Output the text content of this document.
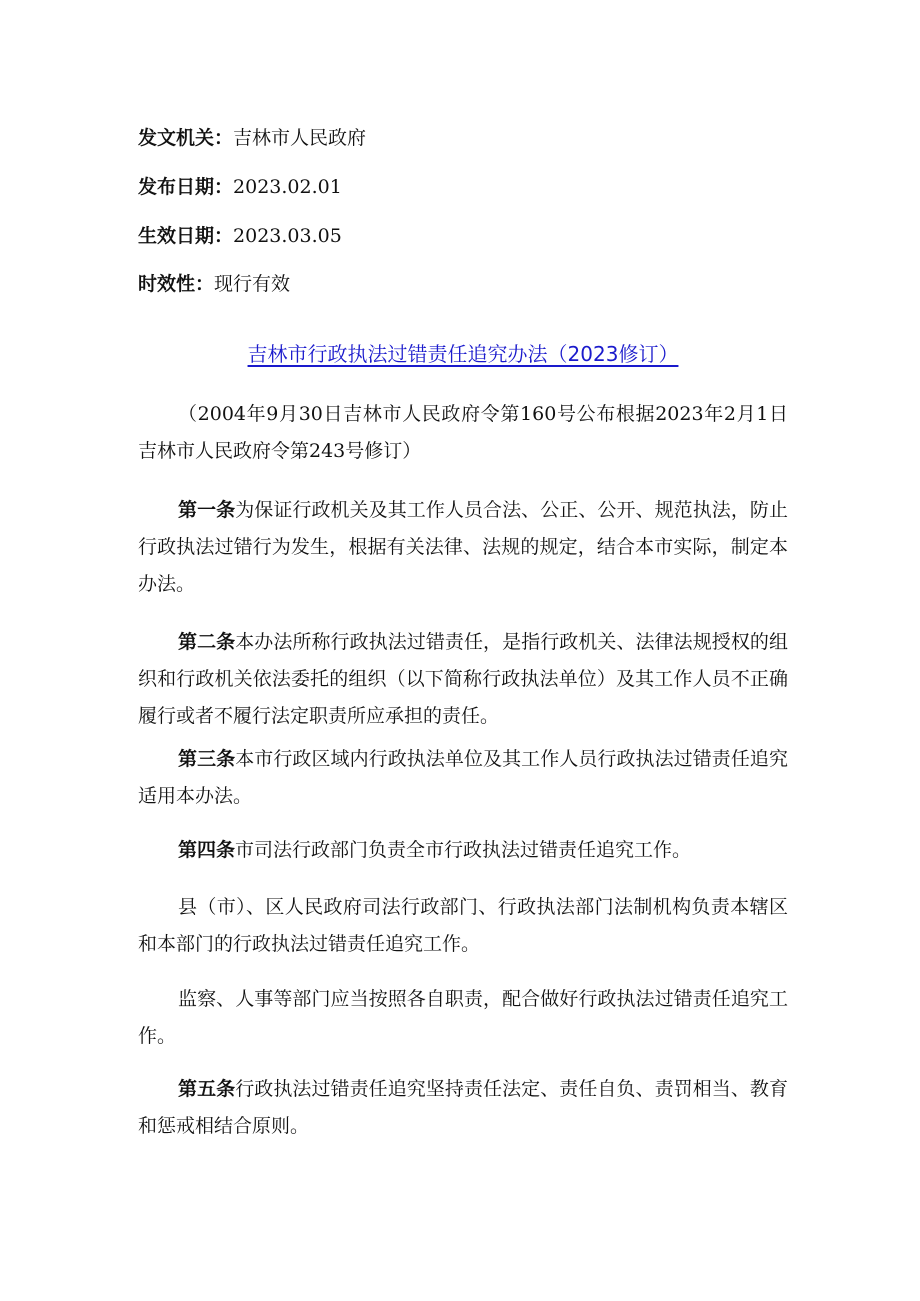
发文机关：吉林市人民政府
发布日期：2023.02.01
生效日期：2023.03.05
时效性：现行有效
吉林市行政执法过错责任追究办法（2023修订）
（2004年9月30日吉林市人民政府令第160号公布根据2023年2月1日吉林市人民政府令第243号修订）
第一条为保证行政机关及其工作人员合法、公正、公开、规范执法，防止行政执法过错行为发生，根据有关法律、法规的规定，结合本市实际，制定本办法。
第二条本办法所称行政执法过错责任，是指行政机关、法律法规授权的组织和行政机关依法委托的组织（以下简称行政执法单位）及其工作人员不正确履行或者不履行法定职责所应承担的责任。
第三条本市行政区域内行政执法单位及其工作人员行政执法过错责任追究适用本办法。
第四条市司法行政部门负责全市行政执法过错责任追究工作。
县（市）、区人民政府司法行政部门、行政执法部门法制机构负责本辖区和本部门的行政执法过错责任追究工作。
监察、人事等部门应当按照各自职责，配合做好行政执法过错责任追究工作。
第五条行政执法过错责任追究坚持责任法定、责任自负、责罚相当、教育和惩戒相结合原则。
